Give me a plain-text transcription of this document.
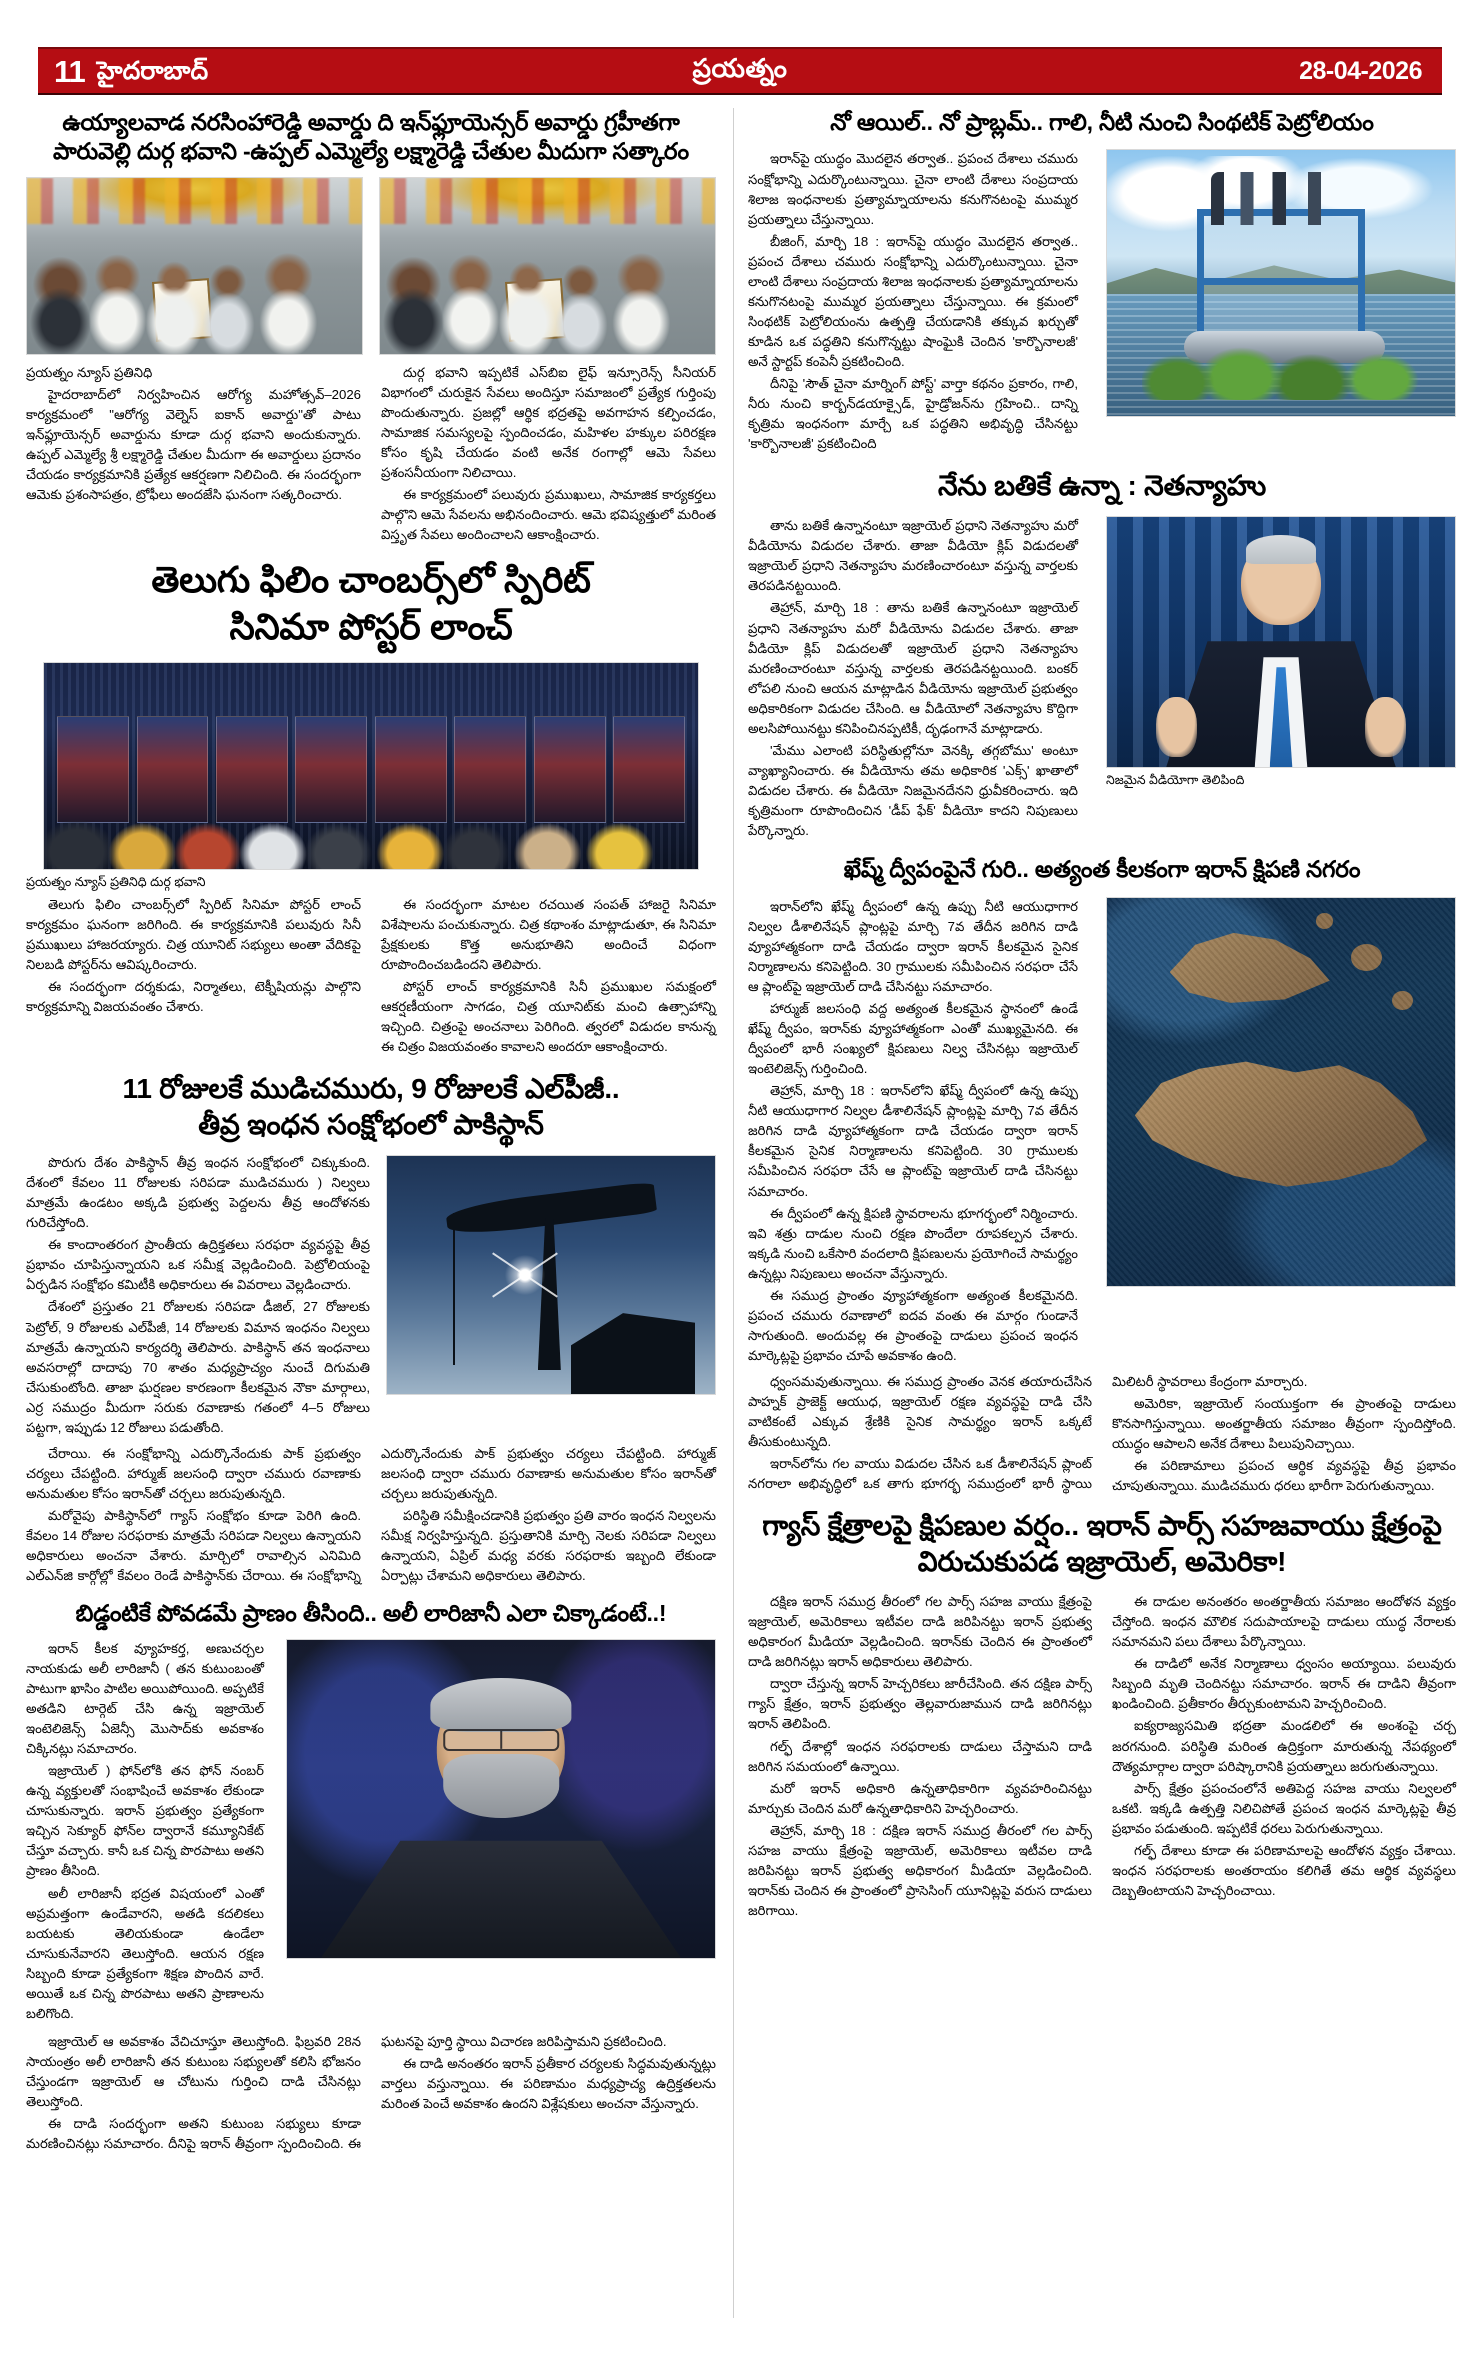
11 హైదరాబాద్	ప్రయత్నం	28-04-2026
ఉయ్యాలవాడ నరసింహారెడ్డి అవార్డు ది ఇన్‌ఫ్లూయెన్సర్ అవార్డు గ్రహీతగా
పారువెల్లి దుర్గ భవాని -ఉప్పల్ ఎమ్మెల్యే లక్ష్మారెడ్డి చేతుల మీదుగా సత్కారం
ప్రయత్నం న్యూస్ ప్రతినిధి

హైదరాబాద్‌లో నిర్వహించిన ఆరోగ్య మహోత్సవ్‌–2026 కార్యక్రమంలో "ఆరోగ్య వెల్నెస్ ఐకాన్ అవార్డు"తో పాటు ఇన్‌ఫ్లూయెన్సర్ అవార్డును కూడా దుర్గ భవాని అందుకున్నారు. ఉప్పల్ ఎమ్మెల్యే శ్రీ లక్ష్మారెడ్డి చేతుల మీదుగా ఈ అవార్డులు ప్రదానం చేయడం కార్యక్రమానికి ప్రత్యేక ఆకర్షణగా నిలిచింది. ఈ సందర్భంగా ఆమెకు ప్రశంసాపత్రం, ట్రోఫీలు అందజేసి ఘనంగా సత్కరించారు.

దుర్గ భవాని ఇప్పటికే ఎస్‌బిఐ లైఫ్ ఇన్సూరెన్స్ సీనియర్ విభాగంలో చురుకైన సేవలు అందిస్తూ సమాజంలో ప్రత్యేక గుర్తింపు పొందుతున్నారు. ప్రజల్లో ఆర్థిక భద్రతపై అవగాహన కల్పించడం, సామాజిక సమస్యలపై స్పందించడం, మహిళల హక్కుల పరిరక్షణ కోసం కృషి చేయడం వంటి అనేక రంగాల్లో ఆమె సేవలు ప్రశంసనీయంగా నిలిచాయి.

ఈ కార్యక్రమంలో పలువురు ప్రముఖులు, సామాజిక కార్యకర్తలు పాల్గొని ఆమె సేవలను అభినందించారు. ఆమె భవిష్యత్తులో మరింత విస్తృత సేవలు అందించాలని ఆకాంక్షించారు.

తెలుగు ఫిలిం చాంబర్స్‌లో స్పిరిట్
సినిమా పోస్టర్ లాంచ్
ప్రయత్నం న్యూస్ ప్రతినిధి దుర్గ భవాని

తెలుగు ఫిలిం చాంబర్స్‌లో స్పిరిట్ సినిమా పోస్టర్ లాంచ్ కార్యక్రమం ఘనంగా జరిగింది. ఈ కార్యక్రమానికి పలువురు సినీ ప్రముఖులు హాజరయ్యారు. చిత్ర యూనిట్ సభ్యులు అంతా వేదికపై నిలబడి పోస్టర్‌ను ఆవిష్కరించారు.

ఈ సందర్భంగా దర్శకుడు, నిర్మాతలు, టెక్నీషియన్లు పాల్గొని కార్యక్రమాన్ని విజయవంతం చేశారు.

ఈ సందర్భంగా మాటల రచయిత సంపత్ హాజరై సినిమా విశేషాలను పంచుకున్నారు. చిత్ర కథాంశం మాట్లాడుతూ, ఈ సినిమా ప్రేక్షకులకు కొత్త అనుభూతిని అందించే విధంగా రూపొందించబడిందని తెలిపారు.

పోస్టర్ లాంచ్ కార్యక్రమానికి సినీ ప్రముఖుల సమక్షంలో ఆకర్షణీయంగా సాగడం, చిత్ర యూనిట్‌కు మంచి ఉత్సాహాన్ని ఇచ్చింది. చిత్రంపై అంచనాలు పెరిగింది. త్వరలో విడుదల కానున్న ఈ చిత్రం విజయవంతం కావాలని అందరూ ఆకాంక్షించారు.

11 రోజులకే ముడిచమురు, 9 రోజులకే ఎల్‌పీజీ..
తీవ్ర ఇంధన సంక్షోభంలో పాకిస్థాన్

పొరుగు దేశం పాకిస్థాన్ తీవ్ర ఇంధన సంక్షోభంలో చిక్కుకుంది. దేశంలో కేవలం 11 రోజులకు సరిపడా ముడిచమురు ) నిల్వలు మాత్రమే ఉండటం అక్కడి ప్రభుత్వ పెద్దలను తీవ్ర ఆందోళనకు గురిచేస్తోంది.

ఈ కాందాంతరంగ ప్రాంతీయ ఉద్రిక్తతలు సరఫరా వ్యవస్థపై తీవ్ర ప్రభావం చూపిస్తున్నాయని ఒక సమీక్ష వెల్లడించింది. పెట్రోలియంపై ఏర్పడిన సంక్షోభం కమిటీకి అధికారులు ఈ వివరాలు వెల్లడించారు.

దేశంలో ప్రస్తుతం 21 రోజులకు సరిపడా డీజిల్, 27 రోజులకు పెట్రోల్, 9 రోజులకు ఎల్‌పీజీ, 14 రోజులకు విమాన ఇంధనం నిల్వలు మాత్రమే ఉన్నాయని కార్యదర్శి తెలిపారు. పాకిస్థాన్ తన ఇంధనాలు అవసరాల్లో దాదాపు 70 శాతం మధ్యప్రాచ్యం నుంచే దిగుమతి చేసుకుంటోంది. తాజా ఘర్షణల కారణంగా కీలకమైన నౌకా మార్గాలు, ఎర్ర సముద్రం మీదుగా సరుకు రవాణాకు గతంలో 4–5 రోజులు పట్టగా, ఇప్పుడు 12 రోజులు పడుతోంది.

చేరాయి. ఈ సంక్షోభాన్ని ఎదుర్కొనేందుకు పాక్ ప్రభుత్వం చర్యలు చేపట్టింది. హార్ముజ్ జలసంధి ద్వారా చమురు రవాణాకు అనుమతుల కోసం ఇరాన్‌తో చర్చలు జరుపుతున్నది.

మరోవైపు పాకిస్థాన్‌లో గ్యాస్ సంక్షోభం కూడా పెరిగి ఉంది. కేవలం 14 రోజుల సరఫరాకు మాత్రమే సరిపడా నిల్వలు ఉన్నాయని అధికారులు అంచనా వేశారు. మార్చిలో రావాల్సిన ఎనిమిది ఎల్‌ఎన్‌జి కార్గోల్లో కేవలం రెండే పాకిస్థాన్‌కు చేరాయి. ఈ సంక్షోభాన్ని ఎదుర్కొనేందుకు పాక్ ప్రభుత్వం చర్యలు చేపట్టింది. హార్ముజ్ జలసంధి ద్వారా చమురు రవాణాకు అనుమతుల కోసం ఇరాన్‌తో చర్చలు జరుపుతున్నది.

పరిస్థితి సమీక్షించడానికి ప్రభుత్వం ప్రతి వారం ఇంధన నిల్వలను సమీక్ష నిర్వహిస్తున్నది. ప్రస్తుతానికి మార్చి నెలకు సరిపడా నిల్వలు ఉన్నాయని, ఏప్రిల్ మధ్య వరకు సరఫరాకు ఇబ్బంది లేకుండా ఏర్పాట్లు చేశామని అధికారులు తెలిపారు.

బిడ్డంటికే పోవడమే ప్రాణం తీసింది.. అలీ లారిజానీ ఎలా చిక్కాడంటే..!

ఇరాన్ కీలక వ్యూహకర్త, అణుచర్చల నాయకుడు అలీ లారిజానీ ( తన కుటుంబంతో పాటుగా ఖాసిం పాటిల అయిపోయింది. అప్పటికే అతడిని టార్గెట్ చేసి ఉన్న ఇజ్రాయెల్ ఇంటెలిజెన్స్ ఏజెన్సీ మొసాద్‌కు అవకాశం చిక్కినట్లు సమాచారం.

ఇజ్రాయెల్ ) ఫోన్‌లోకి తన ఫోన్ నంబర్ ఉన్న వ్యక్తులతో సంభాషించే అవకాశం లేకుండా చూసుకున్నారు. ఇరాన్ ప్రభుత్వం ప్రత్యేకంగా ఇచ్చిన సెక్యూర్ ఫోన్‌ల ద్వారానే కమ్యూనికేట్ చేస్తూ వచ్చారు. కానీ ఒక చిన్న పొరపాటు అతని ప్రాణం తీసింది.

అలీ లారిజానీ భద్రత విషయంలో ఎంతో అప్రమత్తంగా ఉండేవారని, అతడి కదలికలు బయటకు తెలియకుండా ఉండేలా చూసుకునేవారని తెలుస్తోంది. ఆయన రక్షణ సిబ్బంది కూడా ప్రత్యేకంగా శిక్షణ పొందిన వారే. అయితే ఒక చిన్న పొరపాటు అతని ప్రాణాలను బలిగొంది.

ఇజ్రాయెల్ ఆ అవకాశం వేచిచూస్తూ తెలుస్తోంది. ఫిబ్రవరి 28న సాయంత్రం అలీ లారిజానీ తన కుటుంబ సభ్యులతో కలిసి భోజనం చేస్తుండగా ఇజ్రాయెల్ ఆ చోటును గుర్తించి దాడి చేసినట్లు తెలుస్తోంది.

ఈ దాడి సందర్భంగా అతని కుటుంబ సభ్యులు కూడా మరణించినట్లు సమాచారం. దీనిపై ఇరాన్ తీవ్రంగా స్పందించింది. ఈ ఘటనపై పూర్తి స్థాయి విచారణ జరిపిస్తామని ప్రకటించింది.

ఈ దాడి అనంతరం ఇరాన్ ప్రతీకార చర్యలకు సిద్ధమవుతున్నట్లు వార్తలు వస్తున్నాయి. ఈ పరిణామం మధ్యప్రాచ్య ఉద్రిక్తతలను మరింత పెంచే అవకాశం ఉందని విశ్లేషకులు అంచనా వేస్తున్నారు.

నో ఆయిల్.. నో ప్రాబ్లమ్.. గాలి, నీటి నుంచి సింథటిక్ పెట్రోలియం

ఇరాన్‌పై యుద్ధం మొదలైన తర్వాత.. ప్రపంచ దేశాలు చమురు సంక్షోభాన్ని ఎదుర్కొంటున్నాయి. చైనా లాంటి దేశాలు సంప్రదాయ శిలాజ ఇంధనాలకు ప్రత్యామ్నాయాలను కనుగొనటంపై ముమ్మర ప్రయత్నాలు చేస్తున్నాయి.

బీజింగ్, మార్చి 18 : ఇరాన్‌పై యుద్ధం మొదలైన తర్వాత.. ప్రపంచ దేశాలు చమురు సంక్షోభాన్ని ఎదుర్కొంటున్నాయి. చైనా లాంటి దేశాలు సంప్రదాయ శిలాజ ఇంధనాలకు ప్రత్యామ్నాయాలను కనుగొనటంపై ముమ్మర ప్రయత్నాలు చేస్తున్నాయి. ఈ క్రమంలో సింథటిక్ పెట్రోలియంను ఉత్పత్తి చేయడానికి తక్కువ ఖర్చుతో కూడిన ఒక పద్ధతిని కనుగొన్నట్టు షాంఘైకి చెందిన 'కార్బొనాలజీ' అనే స్టార్టప్ కంపెనీ ప్రకటించింది.

దీనిపై 'సౌత్ చైనా మార్నింగ్ పోస్ట్' వార్తా కథనం ప్రకారం, గాలి, నీరు నుంచి కార్బన్‌డయాక్సైడ్, హైడ్రోజన్‌ను గ్రహించి.. దాన్ని కృత్రిమ ఇంధనంగా మార్చే ఒక పద్ధతిని అభివృద్ధి చేసినట్టు 'కార్బొనాలజీ' ప్రకటించింది

నేను బతికే ఉన్నా : నెతన్యాహు
నిజమైన వీడియోగా తెలిపింది

తాను బతికే ఉన్నానంటూ ఇజ్రాయెల్ ప్రధాని నెతన్యాహు మరో వీడియోను విడుదల చేశారు. తాజా వీడియో క్లిప్ విడుదలతో ఇజ్రాయెల్ ప్రధాని నెతన్యాహు మరణించారంటూ వస్తున్న వార్తలకు తెరపడినట్టయింది.

తెహ్రాన్, మార్చి 18 : తాను బతికే ఉన్నానంటూ ఇజ్రాయెల్ ప్రధాని నెతన్యాహు మరో వీడియోను విడుదల చేశారు. తాజా వీడియో క్లిప్ విడుదలతో ఇజ్రాయెల్ ప్రధాని నెతన్యాహు మరణించారంటూ వస్తున్న వార్తలకు తెరపడినట్టయింది. బంకర్ లోపలి నుంచి ఆయన మాట్లాడిన వీడియోను ఇజ్రాయెల్ ప్రభుత్వం అధికారికంగా విడుదల చేసింది. ఆ వీడియోలో నెతన్యాహు కొద్దిగా అలసిపోయినట్టు కనిపించినప్పటికీ, దృఢంగానే మాట్లాడారు.

'మేము ఎలాంటి పరిస్థితుల్లోనూ వెనక్కి తగ్గబోము' అంటూ వ్యాఖ్యానించారు. ఈ వీడియోను తమ అధికారిక 'ఎక్స్' ఖాతాలో విడుదల చేశారు. ఈ వీడియో నిజమైనదేనని ధ్రువీకరించారు. ఇది కృత్రిమంగా రూపొందించిన 'డీప్ ఫేక్' వీడియో కాదని నిపుణులు పేర్కొన్నారు.

ఖేష్మ్ ద్వీపంపైనే గురి.. అత్యంత కీలకంగా ఇరాన్ క్షిపణి నగరం

ఇరాన్‌లోని ఖేష్మ్ ద్వీపంలో ఉన్న ఉప్పు నీటి ఆయుధాగార నిల్వల డీశాలినేషన్ ప్లాంట్లపై మార్చి 7వ తేదీన జరిగిన దాడి వ్యూహాత్మకంగా దాడి చేయడం ద్వారా ఇరాన్ కీలకమైన సైనిక నిర్మాణాలను కనిపెట్టింది. 30 గ్రాములకు సమీపించిన సరఫరా చేసే ఆ ప్లాంట్‌పై ఇజ్రాయెల్ దాడి చేసినట్టు సమాచారం.

హార్ముజ్ జలసంధి వద్ద అత్యంత కీలకమైన స్థానంలో ఉండే ఖేష్మ్ ద్వీపం, ఇరాన్‌కు వ్యూహాత్మకంగా ఎంతో ముఖ్యమైనది. ఈ ద్వీపంలో భారీ సంఖ్యలో క్షిపణులు నిల్వ చేసినట్లు ఇజ్రాయెల్ ఇంటెలిజెన్స్ గుర్తించింది.

తెహ్రాన్, మార్చి 18 : ఇరాన్‌లోని ఖేష్మ్ ద్వీపంలో ఉన్న ఉప్పు నీటి ఆయుధాగార నిల్వల డీశాలినేషన్ ప్లాంట్లపై మార్చి 7వ తేదీన జరిగిన దాడి వ్యూహాత్మకంగా దాడి చేయడం ద్వారా ఇరాన్ కీలకమైన సైనిక నిర్మాణాలను కనిపెట్టింది. 30 గ్రాములకు సమీపించిన సరఫరా చేసే ఆ ప్లాంట్‌పై ఇజ్రాయెల్ దాడి చేసినట్టు సమాచారం.

ఈ ద్వీపంలో ఉన్న క్షిపణి స్థావరాలను భూగర్భంలో నిర్మించారు. ఇవి శత్రు దాడుల నుంచి రక్షణ పొందేలా రూపకల్పన చేశారు. ఇక్కడి నుంచి ఒకేసారి వందలాది క్షిపణులను ప్రయోగించే సామర్థ్యం ఉన్నట్లు నిపుణులు అంచనా వేస్తున్నారు.

ఈ సముద్ర ప్రాంతం వ్యూహాత్మకంగా అత్యంత కీలకమైనది. ప్రపంచ చమురు రవాణాలో ఐదవ వంతు ఈ మార్గం గుండానే సాగుతుంది. అందువల్ల ఈ ప్రాంతంపై దాడులు ప్రపంచ ఇంధన మార్కెట్లపై ప్రభావం చూపే అవకాశం ఉంది.

ధ్వంసమవుతున్నాయి. ఈ సముద్ర ప్రాంతం వెనక తయారుచేసిన పాహ్నక్ ప్రాజెక్ట్ ఆయుధ, ఇజ్రాయెల్ రక్షణ వ్యవస్థపై దాడి చేసి వాటికంటే ఎక్కువ శ్రేణికి సైనిక సామర్థ్యం ఇరాన్ ఒక్కటే తీసుకుంటున్నది.

ఇరాన్‌లోను గల వాయు విడుదల చేసిన ఒక డీశాలినేషన్ ప్లాంట్ నగరాలా అభివృద్ధిలో ఒక తాగు భూగర్భ సముద్రంలో భారీ స్థాయి మిలిటరీ స్థావరాలు కేంద్రంగా మార్చారు.

అమెరికా, ఇజ్రాయెల్ సంయుక్తంగా ఈ ప్రాంతంపై దాడులు కొనసాగిస్తున్నాయి. అంతర్జాతీయ సమాజం తీవ్రంగా స్పందిస్తోంది. యుద్ధం ఆపాలని అనేక దేశాలు పిలుపునిచ్చాయి.

ఈ పరిణామాలు ప్రపంచ ఆర్థిక వ్యవస్థపై తీవ్ర ప్రభావం చూపుతున్నాయి. ముడిచమురు ధరలు భారీగా పెరుగుతున్నాయి.

గ్యాస్ క్షేత్రాలపై క్షిపణుల వర్షం.. ఇరాన్ పార్స్ సహజవాయు క్షేత్రంపై
విరుచుకుపడ ఇజ్రాయెల్, అమెరికా!

దక్షిణ ఇరాన్ సముద్ర తీరంలో గల పార్స్ సహజ వాయు క్షేత్రంపై ఇజ్రాయెల్, అమెరికాలు ఇటీవల దాడి జరిపినట్టు ఇరాన్ ప్రభుత్వ అధికారంగ మీడియా వెల్లడించింది. ఇరాన్‌కు చెందిన ఈ ప్రాంతంలో దాడి జరిగినట్లు ఇరాన్ అధికారులు తెలిపారు.

ద్వారా చేస్తున్న ఇరాన్ హెచ్చరికలు జారీచేసింది. తన దక్షిణ పార్స్ గ్యాస్ క్షేత్రం, ఇరాన్ ప్రభుత్వం తెల్లవారుజామున దాడి జరిగినట్లు ఇరాన్ తెలిపింది.

గల్ఫ్ దేశాల్లో ఇంధన సరఫరాలకు దాడులు చేస్తామని దాడి జరిగిన సమయంలో ఉన్నాయి.

మరో ఇరాన్ అధికారి ఉన్నతాధికారిగా వ్యవహరించినట్టు మార్చుకు చెందిన మరో ఉన్నతాధికారిని హెచ్చరించారు.

తెహ్రాన్, మార్చి 18 : దక్షిణ ఇరాన్ సముద్ర తీరంలో గల పార్స్ సహజ వాయు క్షేత్రంపై ఇజ్రాయెల్, అమెరికాలు ఇటీవల దాడి జరిపినట్టు ఇరాన్ ప్రభుత్వ అధికారంగ మీడియా వెల్లడించింది. ఇరాన్‌కు చెందిన ఈ ప్రాంతంలో ప్రాసెసింగ్ యూనిట్లపై వరుస దాడులు జరిగాయి.

ఈ దాడుల అనంతరం అంతర్జాతీయ సమాజం ఆందోళన వ్యక్తం చేస్తోంది. ఇంధన మౌలిక సదుపాయాలపై దాడులు యుద్ధ నేరాలకు సమానమని పలు దేశాలు పేర్కొన్నాయి.

ఈ దాడిలో అనేక నిర్మాణాలు ధ్వంసం అయ్యాయి. పలువురు సిబ్బంది మృతి చెందినట్టు సమాచారం. ఇరాన్ ఈ దాడిని తీవ్రంగా ఖండించింది. ప్రతీకారం తీర్చుకుంటామని హెచ్చరించింది.

ఐక్యరాజ్యసమితి భద్రతా మండలిలో ఈ అంశంపై చర్చ జరగనుంది. పరిస్థితి మరింత ఉద్రిక్తంగా మారుతున్న నేపథ్యంలో దౌత్యమార్గాల ద్వారా పరిష్కారానికి ప్రయత్నాలు జరుగుతున్నాయి.

పార్స్ క్షేత్రం ప్రపంచంలోనే అతిపెద్ద సహజ వాయు నిల్వలలో ఒకటి. ఇక్కడి ఉత్పత్తి నిలిచిపోతే ప్రపంచ ఇంధన మార్కెట్లపై తీవ్ర ప్రభావం పడుతుంది. ఇప్పటికే ధరలు పెరుగుతున్నాయి.

గల్ఫ్ దేశాలు కూడా ఈ పరిణామాలపై ఆందోళన వ్యక్తం చేశాయి. ఇంధన సరఫరాలకు అంతరాయం కలిగితే తమ ఆర్థిక వ్యవస్థలు దెబ్బతింటాయని హెచ్చరించాయి.
